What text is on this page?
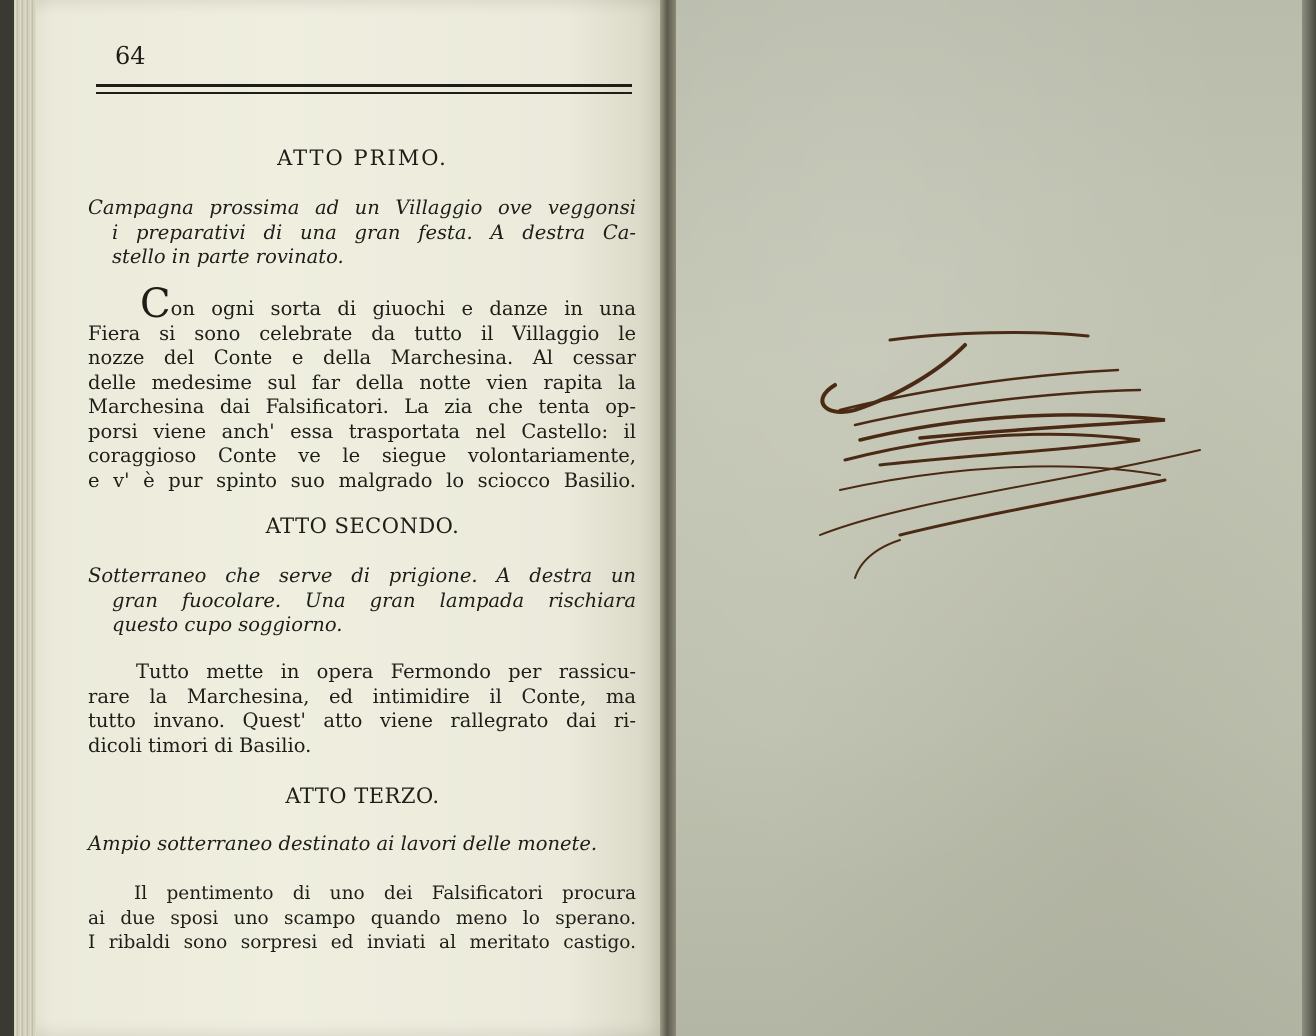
64
ATTO PRIMO.
Campagna prossima ad un Villaggio ove veggonsi
i preparativi di una gran festa. A destra Ca-
stello in parte rovinato.
Con ogni sorta di giuochi e danze in una
Fiera si sono celebrate da tutto il Villaggio le
nozze del Conte e della Marchesina. Al cessar
delle medesime sul far della notte vien rapita la
Marchesina dai Falsificatori. La zia che tenta op-
porsi viene anch' essa trasportata nel Castello: il
coraggioso Conte ve le siegue volontariamente,
e v' è pur spinto suo malgrado lo sciocco Basilio.
ATTO SECONDO.
Sotterraneo che serve di prigione. A destra un
gran fuocolare. Una gran lampada rischiara
questo cupo soggiorno.
Tutto mette in opera Fermondo per rassicu-
rare la Marchesina, ed intimidire il Conte, ma
tutto invano. Quest' atto viene rallegrato dai ri-
dicoli timori di Basilio.
ATTO TERZO.
Ampio sotterraneo destinato ai lavori delle monete.
Il pentimento di uno dei Falsificatori procura
ai due sposi uno scampo quando meno lo sperano.
I ribaldi sono sorpresi ed inviati al meritato castigo.
